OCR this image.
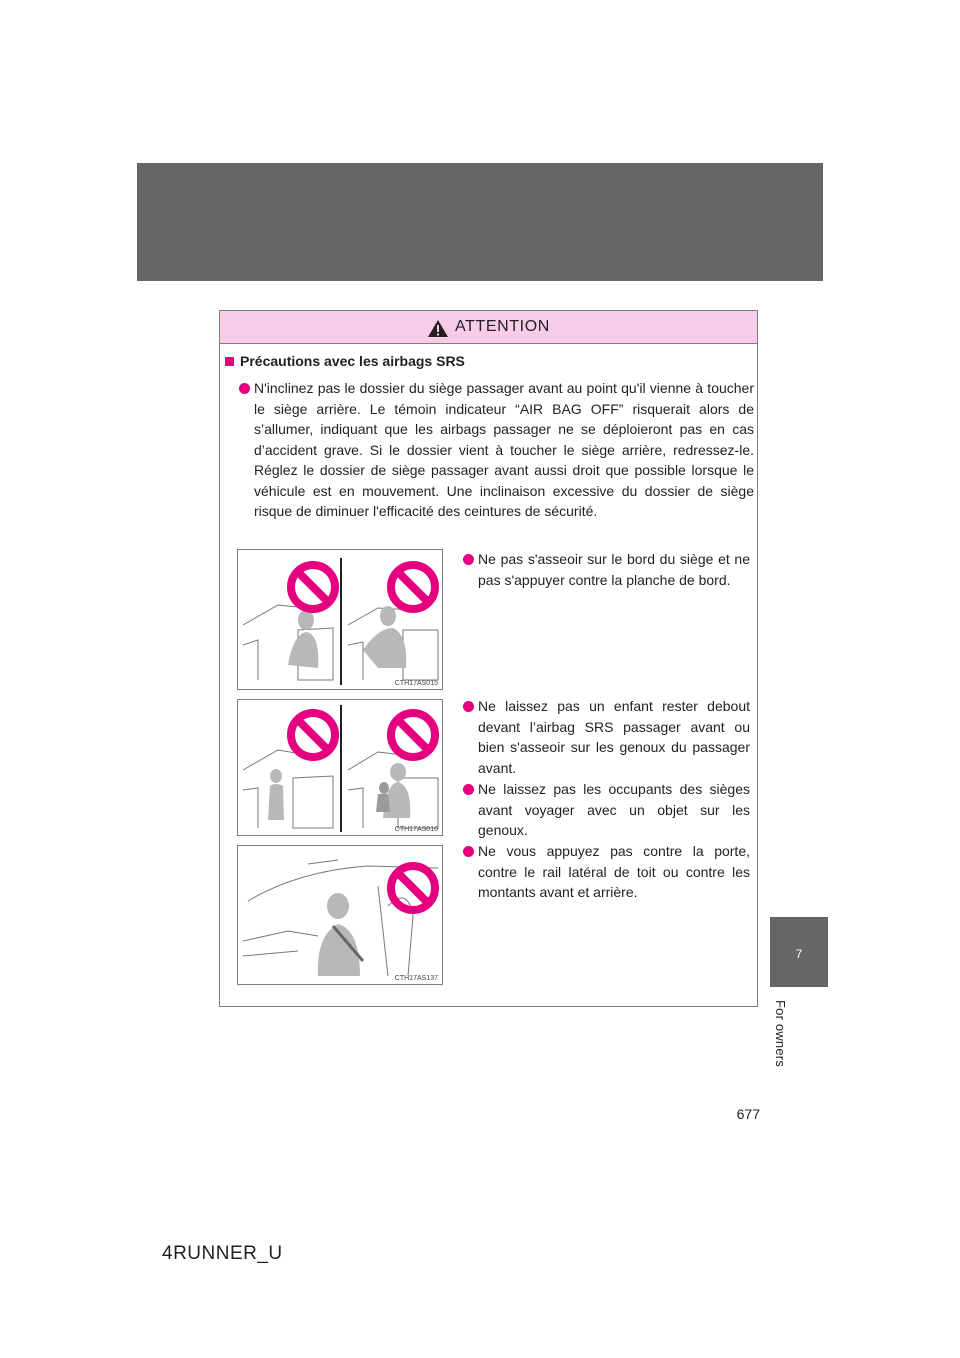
ATTENTION
Précautions avec les airbags SRS
N'inclinez pas le dossier du siège passager avant au point qu'il vienne à toucher le siège arrière. Le témoin indicateur “AIR BAG OFF” risquerait alors de s’allumer, indiquant que les airbags passager ne se déploieront pas en cas d’accident grave. Si le dossier vient à toucher le siège arrière, redressez-le. Réglez le dossier de siège passager avant aussi droit que possible lorsque le véhicule est en mouvement. Une inclinaison excessive du dossier de siège risque de diminuer l'efficacité des ceintures de sécurité.
CTH17AS015
Ne pas s'asseoir sur le bord du siège et ne pas s'appuyer contre la planche de bord.
CTH17AS016
Ne laissez pas un enfant rester debout devant l’airbag SRS passager avant ou bien s'asseoir sur les genoux du passager avant.
Ne laissez pas les occupants des sièges avant voyager avec un objet sur les genoux.
CTH17AS137
Ne vous appuyez pas contre la porte, contre le rail latéral de toit ou contre les montants avant et arrière.
7
For owners
677
4RUNNER_U
